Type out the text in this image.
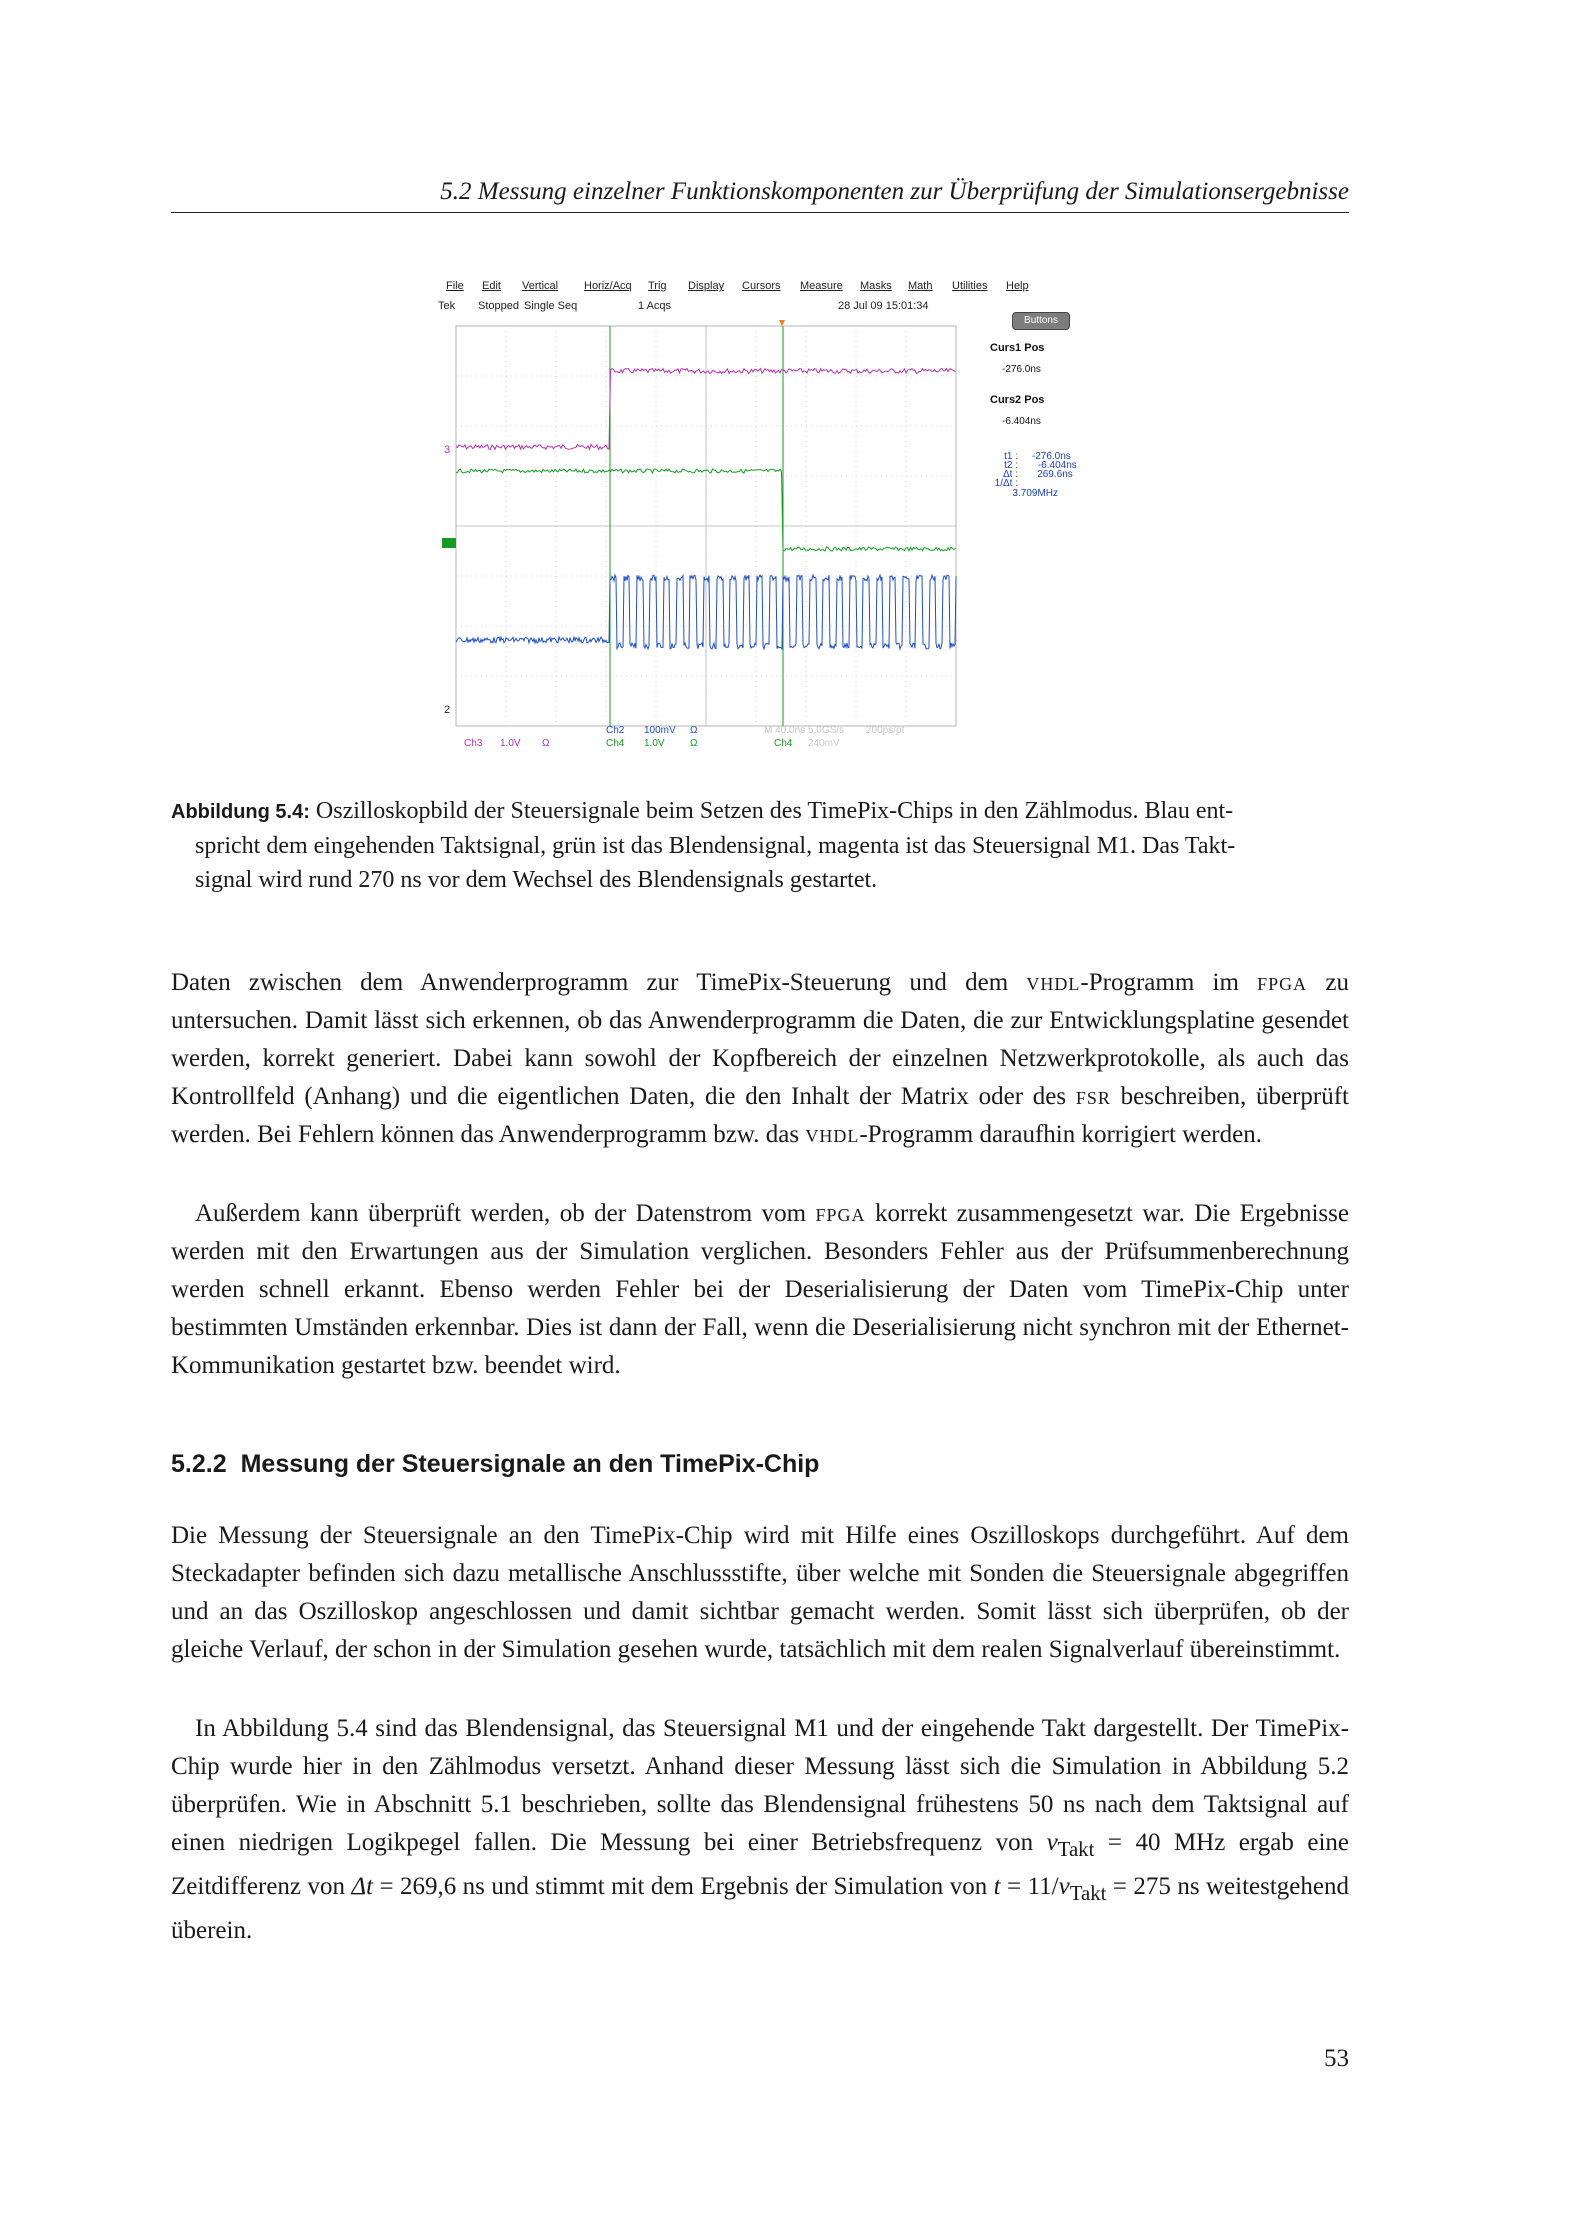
5.2 Messung einzelner Funktionskomponenten zur Überprüfung der Simulationsergebnisse
File Edit Vertical Horiz/Acq Trig Display Cursors Measure Masks Math Utilities Help
Tek Stopped Single Seq	1 Acqs	28 Jul 09 15:01:34
Buttons
Curs1 Pos
-276.0ns
Curs2 Pos
-6.404ns
t1 : -276.0ns
t2 : -6.404ns
Δt : 269.6ns
1/Δt : 3.709MHz
3
2
Ch2 100mV Ω
Ch3 1.0V Ω	Ch4 1.0V	Ω
M 40.0ns 5.0GS/s 200ps/pt
Ch4 240mV
Abbildung 5.4: Oszilloskopbild der Steuersignale beim Setzen des TimePix-Chips in den Zählmodus. Blau ent-
spricht dem eingehenden Taktsignal, grün ist das Blendensignal, magenta ist das Steuersignal M1. Das Takt-
signal wird rund 270 ns vor dem Wechsel des Blendensignals gestartet.

Daten zwischen dem Anwenderprogramm zur TimePix-Steuerung und dem vhdl-Programm im fpga zu untersuchen. Damit lässt sich erkennen, ob das Anwenderprogramm die Daten, die zur Entwicklungsplatine gesendet werden, korrekt generiert. Dabei kann sowohl der Kopfbereich der einzelnen Netzwerkprotokolle, als auch das Kontrollfeld (Anhang) und die eigentlichen Daten, die den Inhalt der Matrix oder des fsr beschreiben, überprüft werden. Bei Fehlern können das Anwenderprogramm bzw. das vhdl-Programm daraufhin korrigiert werden.

Außerdem kann überprüft werden, ob der Datenstrom vom fpga korrekt zusammengesetzt war. Die Ergebnisse werden mit den Erwartungen aus der Simulation verglichen. Besonders Fehler aus der Prüfsummenberechnung werden schnell erkannt. Ebenso werden Fehler bei der Deserialisierung der Daten vom TimePix-Chip unter bestimmten Umständen erkennbar. Dies ist dann der Fall, wenn die Deserialisierung nicht synchron mit der Ethernet-Kommunikation gestartet bzw. beendet wird.

5.2.2 Messung der Steuersignale an den TimePix-Chip

Die Messung der Steuersignale an den TimePix-Chip wird mit Hilfe eines Oszilloskops durchgeführt. Auf dem Steckadapter befinden sich dazu metallische Anschlussstifte, über welche mit Sonden die Steuersignale abgegriffen und an das Oszilloskop angeschlossen und damit sichtbar gemacht werden. Somit lässt sich überprüfen, ob der gleiche Verlauf, der schon in der Simulation gesehen wurde, tatsächlich mit dem realen Signalverlauf übereinstimmt.

In Abbildung 5.4 sind das Blendensignal, das Steuersignal M1 und der eingehende Takt dargestellt. Der TimePix-Chip wurde hier in den Zählmodus versetzt. Anhand dieser Messung lässt sich die Simulation in Abbildung 5.2 überprüfen. Wie in Abschnitt 5.1 beschrieben, sollte das Blendensignal frühestens 50 ns nach dem Taktsignal auf einen niedrigen Logikpegel fallen. Die Messung bei einer Betriebsfrequenz von $\nu_{Takt} = 40$ MHz ergab eine Zeitdifferenz von Δt = 269,6 ns und stimmt mit dem Ergebnis der Simulation von $t = 11/\nu_{Takt} = 275$ ns weitestgehend überein.

53
